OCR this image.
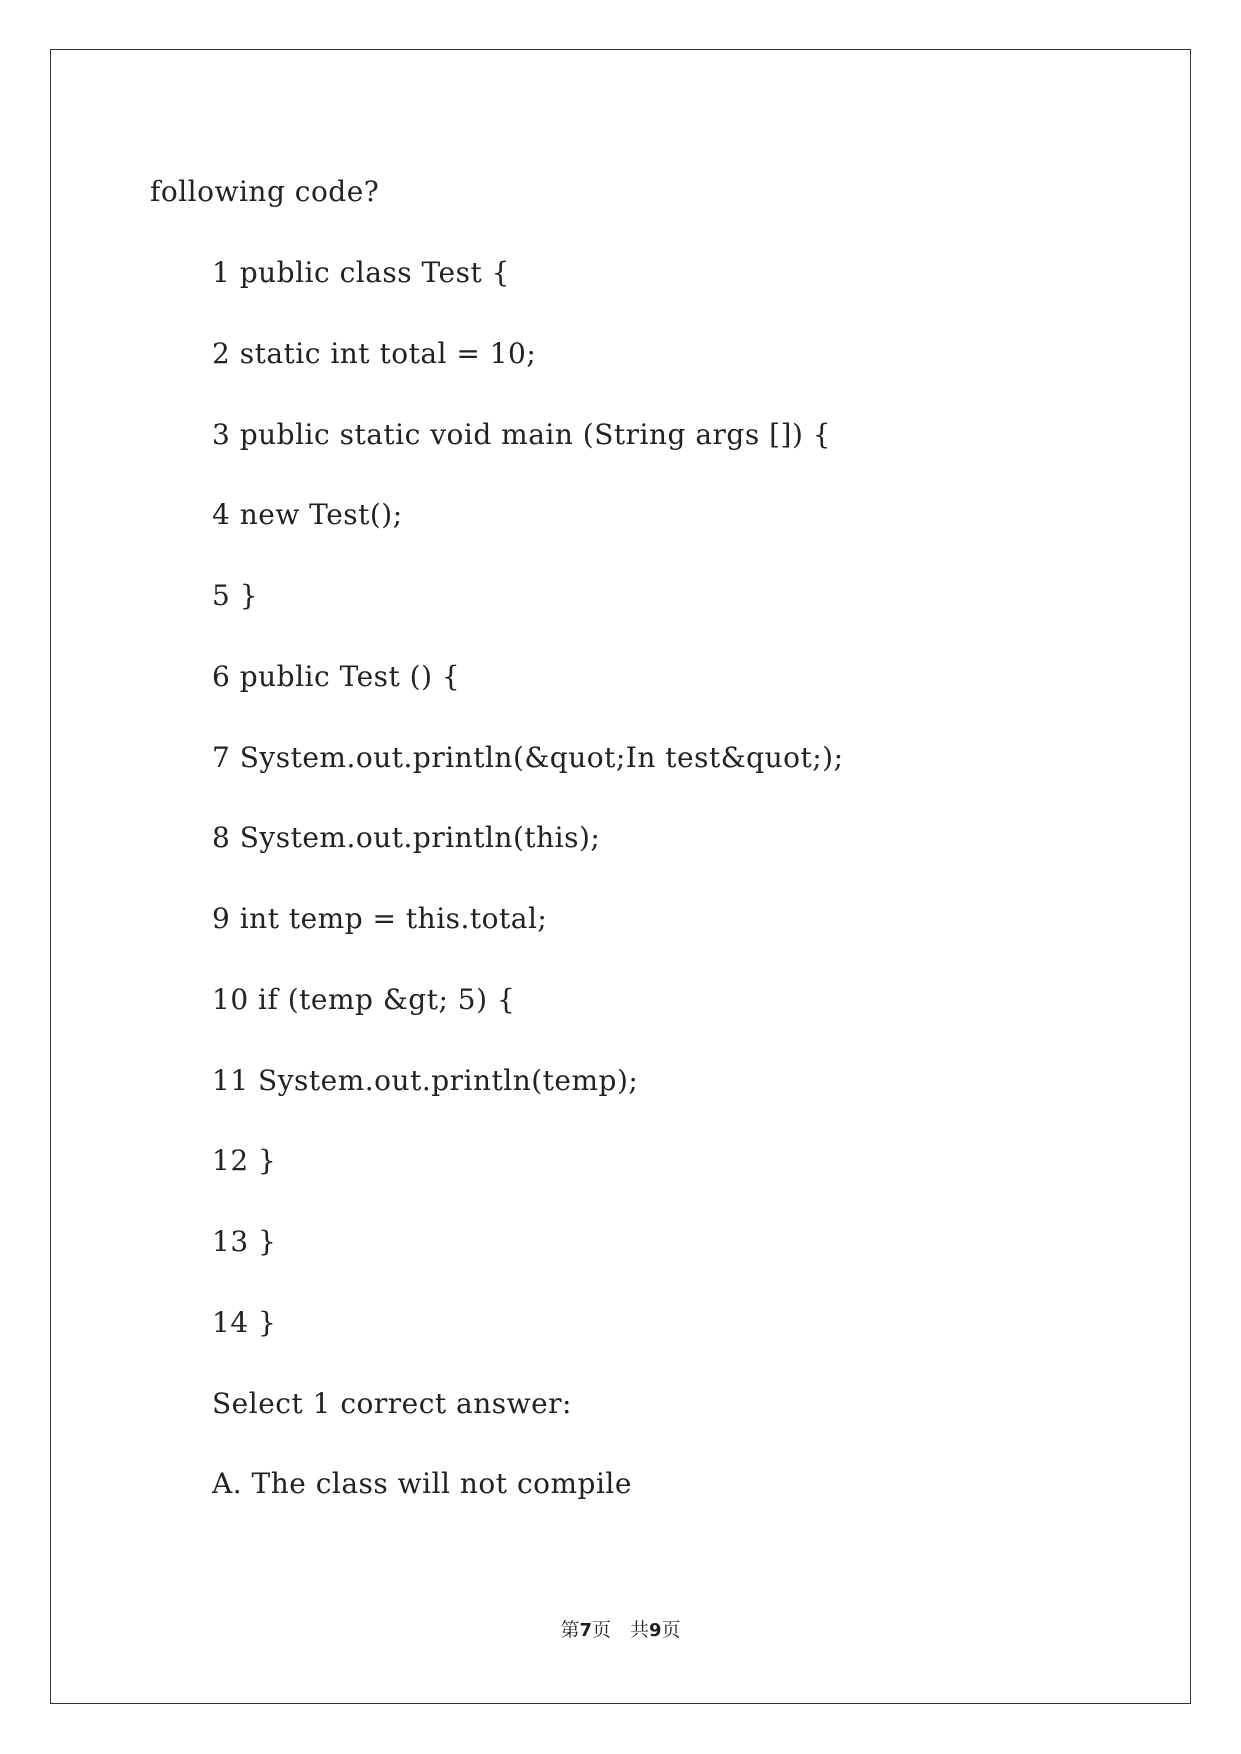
following code?
1 public class Test {
2 static int total = 10;
3 public static void main (String args []) {
4 new Test();
5 }
6 public Test () {
7 System.out.println(&quot;In test&quot;);
8 System.out.println(this);
9 int temp = this.total;
10 if (temp &gt; 5) {
11 System.out.println(temp);
12 }
13 }
14 }
Select 1 correct answer:
A. The class will not compile
第7页　共9页
